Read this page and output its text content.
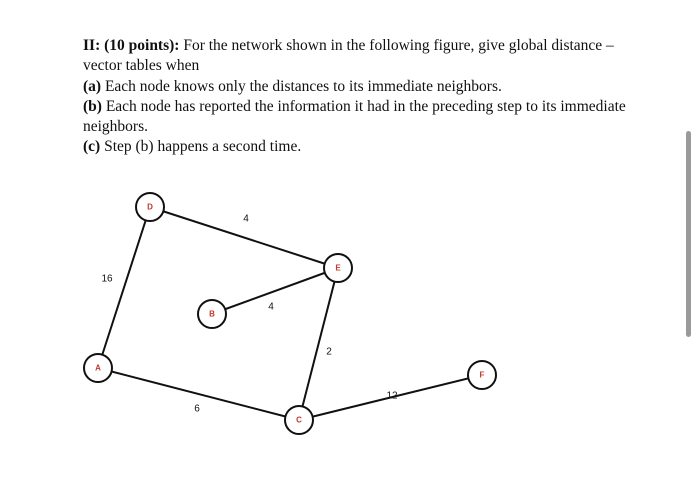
II: (10 points): For the network shown in the following figure, give global distance – vector tables when

(a) Each node knows only the distances to its immediate neighbors.

(b) Each node has reported the information it had in the preceding step to its immediate neighbors.

(c) Step (b) happens a second time.

4
16
4
2
6
12
D
E
B
A
C
F
